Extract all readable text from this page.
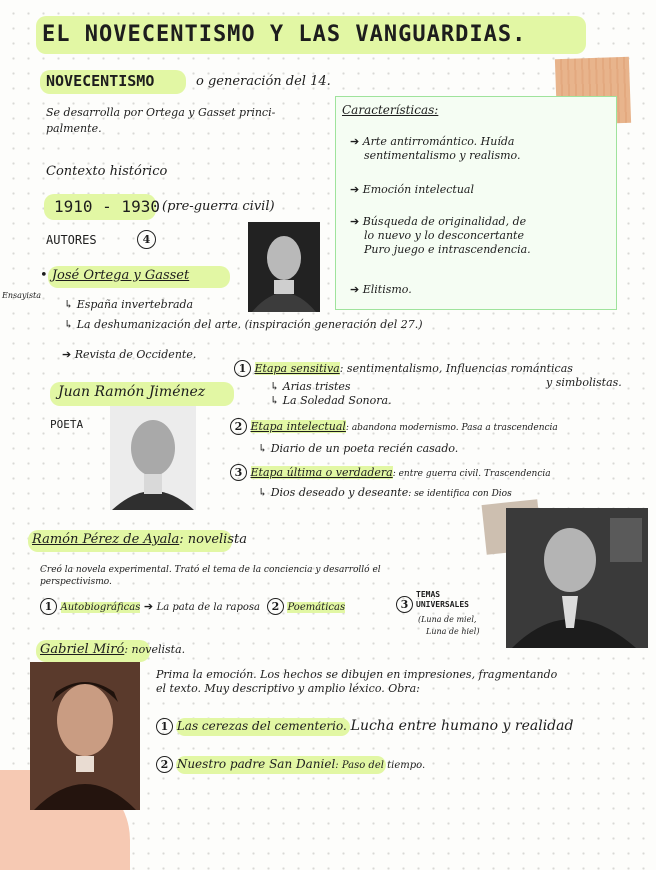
EL NOVECENTISMO Y LAS VANGUARDIAS.
NOVECENTISMO	o generación del 14.
Se desarrolla por Ortega y Gasset princi-
palmente.
Contexto histórico
1910 - 1930 (pre-guerra civil)
AUTORES	4
Características:
➔ Arte antirromántico. Huída
sentimentalismo y realismo.
➔ Emoción intelectual
➔ Búsqueda de originalidad, de
lo nuevo y lo desconcertante
Puro juego e intrascendencia.
➔ Elitismo.
Ensayista
• José Ortega y Gasset
↳ España invertebrada
↳ La deshumanización del arte. (inspiración generación del 27.)
➔ Revista de Occidente.
Juan Ramón Jiménez
POETA
1 Etapa sensitiva: sentimentalismo, Influencias románticas
y simbolistas.
↳ Arias tristes
↳ La Soledad Sonora.
2 Etapa intelectual: abandona modernismo. Pasa a trascendencia
↳ Diario de un poeta recién casado.
3 Etapa última o verdadera: entre guerra civil. Trascendencia
↳ Dios deseado y deseante: se identifica con Dios
Ramón Pérez de Ayala: novelista
Creó la novela experimental. Trató el tema de la conciencia y desarrolló el
perspectivismo.
1 Autobiográficas ➔ La pata de la raposa 2 Poemáticas	3
TEMAS
UNIVERSALES
(Luna de miel,
Luna de hiel)
Gabriel Miró: novelista.
Prima la emoción. Los hechos se dibujen en impresiones, fragmentando
el texto. Muy descriptivo y amplio léxico. Obra:
1 Las cerezas del cementerio. Lucha entre humano y realidad
2 Nuestro padre San Daniel: Paso del tiempo.
